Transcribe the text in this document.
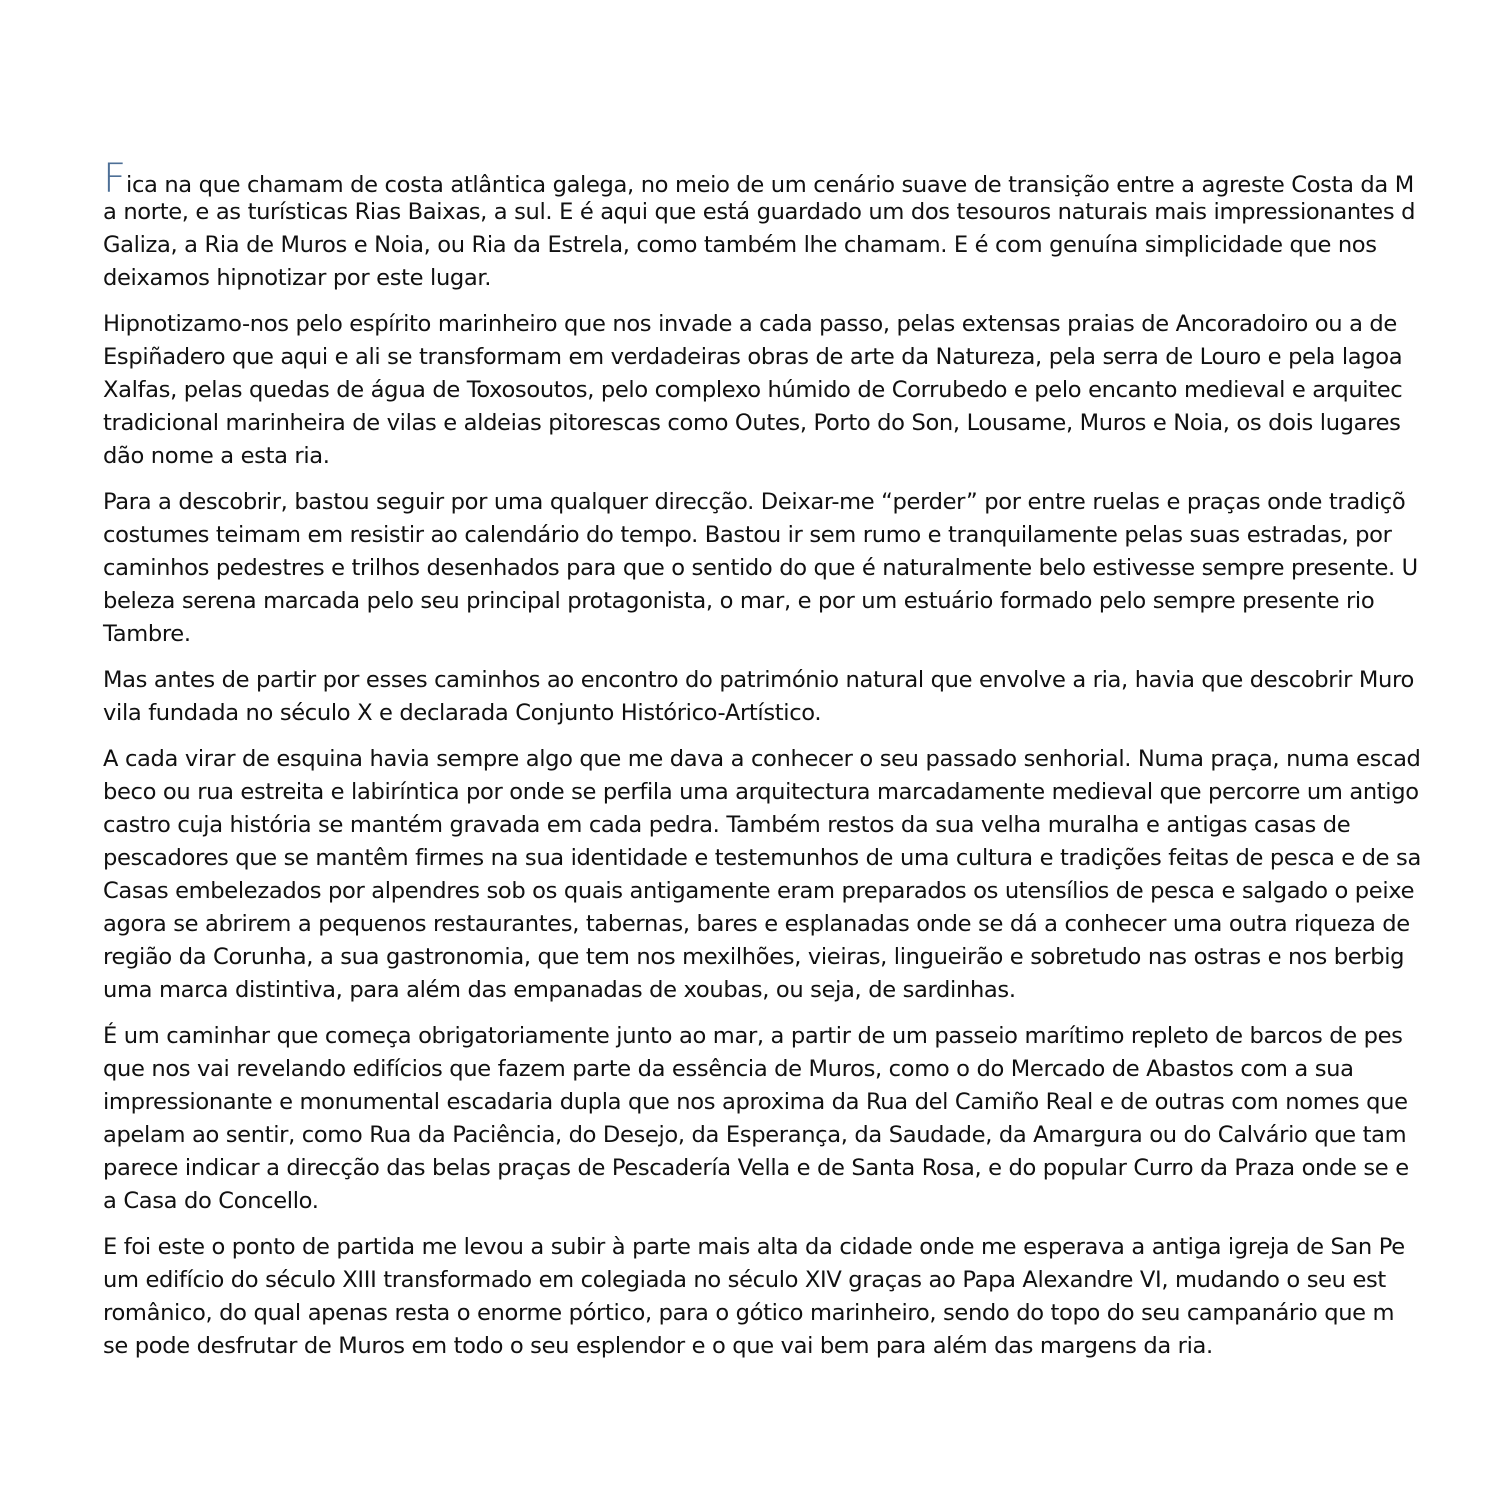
Fica na que chamam de costa atlântica galega, no meio de um cenário suave de transição entre a agreste Costa da M
a norte, e as turísticas Rias Baixas, a sul. E é aqui que está guardado um dos tesouros naturais mais impressionantes d
Galiza, a Ria de Muros e Noia, ou Ria da Estrela, como também lhe chamam. E é com genuína simplicidade que nos
deixamos hipnotizar por este lugar.
Hipnotizamo-nos pelo espírito marinheiro que nos invade a cada passo, pelas extensas praias de Ancoradoiro ou a de
Espiñadero que aqui e ali se transformam em verdadeiras obras de arte da Natureza, pela serra de Louro e pela lagoa
Xalfas, pelas quedas de água de Toxosoutos, pelo complexo húmido de Corrubedo e pelo encanto medieval e arquitec
tradicional marinheira de vilas e aldeias pitorescas como Outes, Porto do Son, Lousame, Muros e Noia, os dois lugares
dão nome a esta ria.
Para a descobrir, bastou seguir por uma qualquer direcção. Deixar-me “perder” por entre ruelas e praças onde tradiçõ
costumes teimam em resistir ao calendário do tempo. Bastou ir sem rumo e tranquilamente pelas suas estradas, por
caminhos pedestres e trilhos desenhados para que o sentido do que é naturalmente belo estivesse sempre presente. U
beleza serena marcada pelo seu principal protagonista, o mar, e por um estuário formado pelo sempre presente rio
Tambre.
Mas antes de partir por esses caminhos ao encontro do património natural que envolve a ria, havia que descobrir Muro
vila fundada no século X e declarada Conjunto Histórico-Artístico.
A cada virar de esquina havia sempre algo que me dava a conhecer o seu passado senhorial. Numa praça, numa escad
beco ou rua estreita e labiríntica por onde se perfila uma arquitectura marcadamente medieval que percorre um antigo
castro cuja história se mantém gravada em cada pedra. Também restos da sua velha muralha e antigas casas de
pescadores que se mantêm firmes na sua identidade e testemunhos de uma cultura e tradições feitas de pesca e de sa
Casas embelezados por alpendres sob os quais antigamente eram preparados os utensílios de pesca e salgado o peixe
agora se abrirem a pequenos restaurantes, tabernas, bares e esplanadas onde se dá a conhecer uma outra riqueza de
região da Corunha, a sua gastronomia, que tem nos mexilhões, vieiras, lingueirão e sobretudo nas ostras e nos berbig
uma marca distintiva, para além das empanadas de xoubas, ou seja, de sardinhas.
É um caminhar que começa obrigatoriamente junto ao mar, a partir de um passeio marítimo repleto de barcos de pes
que nos vai revelando edifícios que fazem parte da essência de Muros, como o do Mercado de Abastos com a sua
impressionante e monumental escadaria dupla que nos aproxima da Rua del Camiño Real e de outras com nomes que
apelam ao sentir, como Rua da Paciência, do Desejo, da Esperança, da Saudade, da Amargura ou do Calvário que tam
parece indicar a direcção das belas praças de Pescadería Vella e de Santa Rosa, e do popular Curro da Praza onde se e
a Casa do Concello.
E foi este o ponto de partida me levou a subir à parte mais alta da cidade onde me esperava a antiga igreja de San Pe
um edifício do século XIII transformado em colegiada no século XIV graças ao Papa Alexandre VI, mudando o seu est
românico, do qual apenas resta o enorme pórtico, para o gótico marinheiro, sendo do topo do seu campanário que m
se pode desfrutar de Muros em todo o seu esplendor e o que vai bem para além das margens da ria.
